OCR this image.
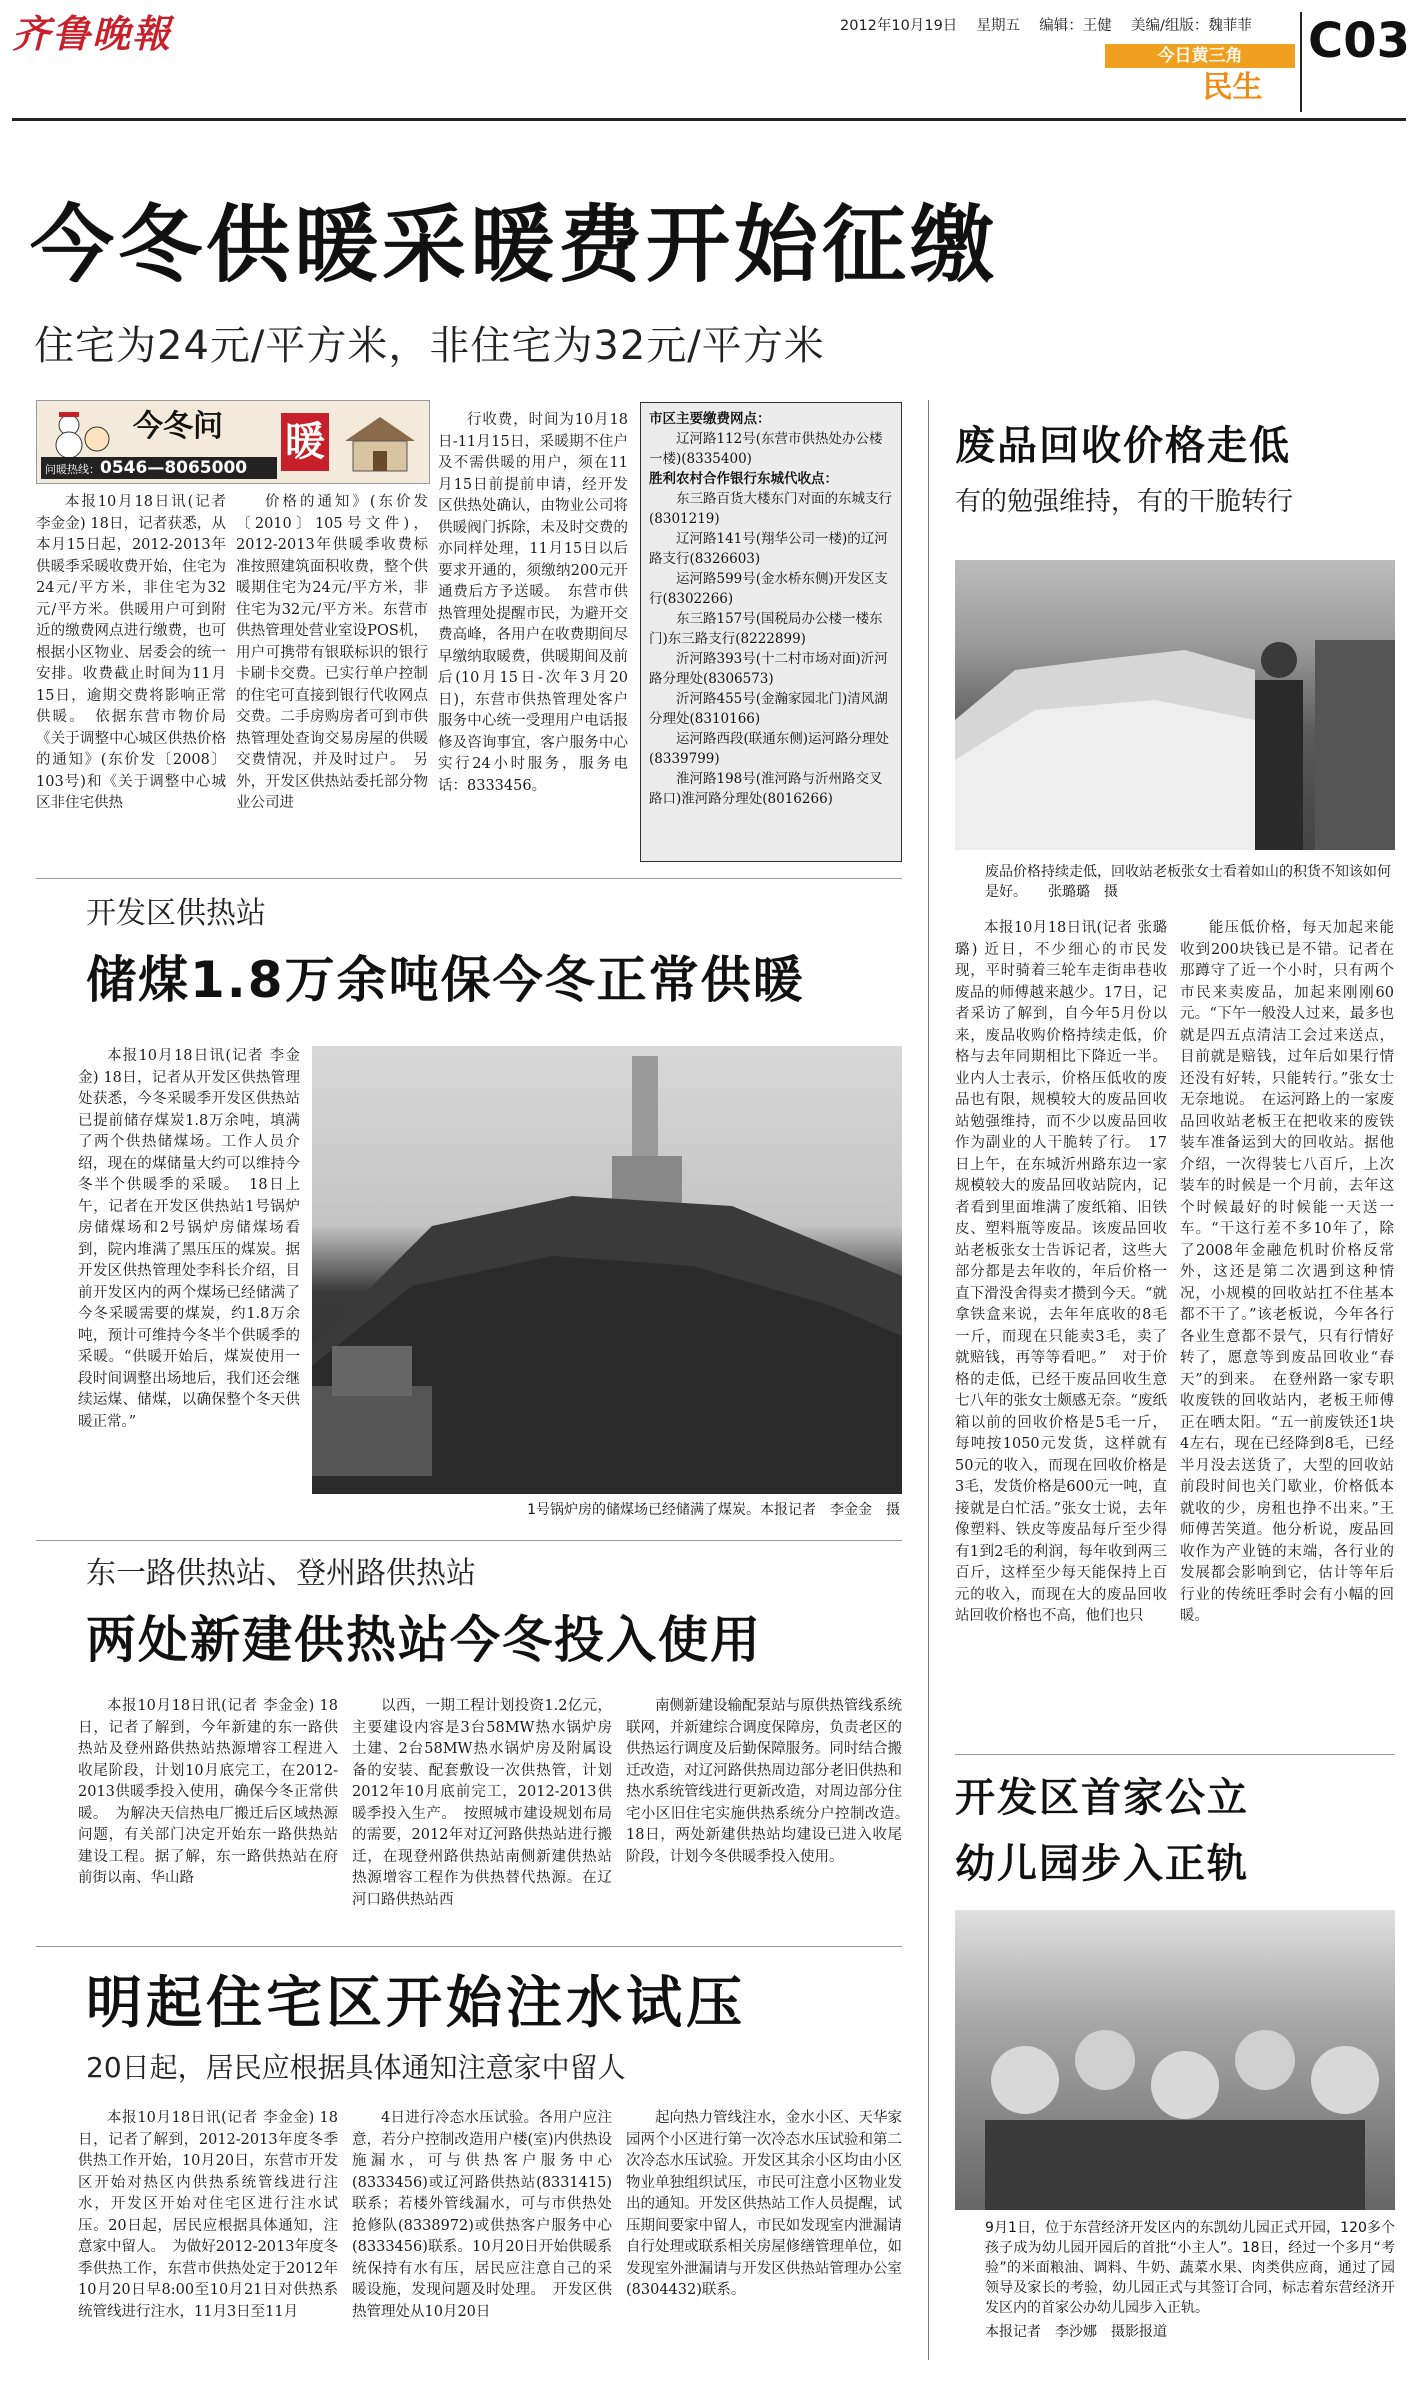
齐鲁晚報	2012年10月19日 星期五 编辑：王健 美编/组版：魏菲菲
今日黄三角
民生
C03
今冬供暖采暖费开始征缴
住宅为24元/平方米，非住宅为32元/平方米
今冬问	暖
问暖热线：0546—8065000

本报10月18日讯(记者 李金金) 18日，记者获悉，从本月15日起，2012-2013年供暖季采暖收费开始，住宅为24元/平方米，非住宅为32元/平方米。供暖用户可到附近的缴费网点进行缴费，也可根据小区物业、居委会的统一安排。收费截止时间为11月15日，逾期交费将影响正常供暖。　依据东营市物价局《关于调整中心城区供热价格的通知》(东价发〔2008〕103号)和《关于调整中心城区非住宅供热

价格的通知》(东价发〔2010〕105号文件)，2012-2013年供暖季收费标准按照建筑面积收费，整个供暖期住宅为24元/平方米，非住宅为32元/平方米。东营市供热管理处营业室设POS机，用户可携带有银联标识的银行卡刷卡交费。已实行单户控制的住宅可直接到银行代收网点交费。二手房购房者可到市供热管理处查询交易房屋的供暖交费情况，并及时过户。　另外，开发区供热站委托部分物业公司进

行收费，时间为10月18日-11月15日，采暖期不住户及不需供暖的用户，须在11月15日前提前申请，经开发区供热处确认，由物业公司将供暖阀门拆除，未及时交费的亦同样处理，11月15日以后要求开通的，须缴纳200元开通费后方予送暖。　东营市供热管理处提醒市民，为避开交费高峰，各用户在收费期间尽早缴纳取暖费，供暖期间及前后(10月15日-次年3月20日)，东营市供热管理处客户服务中心统一受理用户电话报修及咨询事宜，客户服务中心实行24小时服务，服务电话：8333456。

市区主要缴费网点：
辽河路112号(东营市供热处办公楼一楼)(8335400)
胜利农村合作银行东城代收点：
东三路百货大楼东门对面的东城支行(8301219)
辽河路141号(翔华公司一楼)的辽河路支行(8326603)
运河路599号(金水桥东侧)开发区支行(8302266)
东三路157号(国税局办公楼一楼东门)东三路支行(8222899)
沂河路393号(十二村市场对面)沂河路分理处(8306573)
沂河路455号(金瀚家园北门)清风湖分理处(8310166)
运河路西段(联通东侧)运河路分理处(8339799)
淮河路198号(淮河路与沂州路交叉路口)淮河路分理处(8016266)
开发区供热站
储煤1.8万余吨保今冬正常供暖

本报10月18日讯(记者 李金金) 18日，记者从开发区供热管理处获悉，今冬采暖季开发区供热站已提前储存煤炭1.8万余吨，填满了两个供热储煤场。工作人员介绍，现在的煤储量大约可以维持今冬半个供暖季的采暖。　18日上午，记者在开发区供热站1号锅炉房储煤场和2号锅炉房储煤场看到，院内堆满了黑压压的煤炭。据开发区供热管理处李科长介绍，目前开发区内的两个煤场已经储满了今冬采暖需要的煤炭，约1.8万余吨，预计可维持今冬半个供暖季的采暖。“供暖开始后，煤炭使用一段时间调整出场地后，我们还会继续运煤、储煤，以确保整个冬天供暖正常。”

1号锅炉房的储煤场已经储满了煤炭。本报记者　李金金　摄
东一路供热站、登州路供热站
两处新建供热站今冬投入使用

本报10月18日讯(记者 李金金) 18日，记者了解到，今年新建的东一路供热站及登州路供热站热源增容工程进入收尾阶段，计划10月底完工，在2012-2013供暖季投入使用，确保今冬正常供暖。　为解决天信热电厂搬迁后区域热源问题，有关部门决定开始东一路供热站建设工程。据了解，东一路供热站在府前街以南、华山路

以西，一期工程计划投资1.2亿元，主要建设内容是3台58MW热水锅炉房土建、2台58MW热水锅炉房及附属设备的安装、配套敷设一次供热管，计划2012年10月底前完工，2012-2013供暖季投入生产。　按照城市建设规划布局的需要，2012年对辽河路供热站进行搬迁，在现登州路供热站南侧新建供热站热源增容工程作为供热替代热源。在辽河口路供热站西

南侧新建设输配泵站与原供热管线系统联网，并新建综合调度保障房，负责老区的供热运行调度及后勤保障服务。同时结合搬迁改造，对辽河路供热周边部分老旧供热和热水系统管线进行更新改造，对周边部分住宅小区旧住宅实施供热系统分户控制改造。　18日，两处新建供热站均建设已进入收尾阶段，计划今冬供暖季投入使用。

明起住宅区开始注水试压
20日起，居民应根据具体通知注意家中留人

本报10月18日讯(记者 李金金) 18日，记者了解到，2012-2013年度冬季供热工作开始，10月20日，东营市开发区开始对热区内供热系统管线进行注水，开发区开始对住宅区进行注水试压。20日起，居民应根据具体通知，注意家中留人。　为做好2012-2013年度冬季供热工作，东营市供热处定于2012年10月20日早8:00至10月21日对供热系统管线进行注水，11月3日至11月

4日进行冷态水压试验。各用户应注意，若分户控制改造用户楼(室)内供热设施漏水，可与供热客户服务中心(8333456)或辽河路供热站(8331415)联系；若楼外管线漏水，可与市供热处抢修队(8338972)或供热客户服务中心(8333456)联系。10月20日开始供暖系统保持有水有压，居民应注意自己的采暖设施，发现问题及时处理。　开发区供热管理处从10月20日

起向热力管线注水，金水小区、天华家园两个小区进行第一次冷态水压试验和第二次冷态水压试验。开发区其余小区均由小区物业单独组织试压，市民可注意小区物业发出的通知。开发区供热站工作人员提醒，试压期间要家中留人，市民如发现室内泄漏请自行处理或联系相关房屋修缮管理单位，如发现室外泄漏请与开发区供热站管理办公室(8304432)联系。

废品回收价格走低
有的勉强维持，有的干脆转行
废品价格持续走低，回收站老板张女士看着如山的积货不知该如何是好。　　张璐璐　摄

本报10月18日讯(记者 张璐璐) 近日，不少细心的市民发现，平时骑着三轮车走街串巷收废品的师傅越来越少。17日，记者采访了解到，自今年5月份以来，废品收购价格持续走低，价格与去年同期相比下降近一半。业内人士表示，价格压低收的废品也有限，规模较大的废品回收站勉强维持，而不少以废品回收作为副业的人干脆转了行。　17日上午，在东城沂州路东边一家规模较大的废品回收站院内，记者看到里面堆满了废纸箱、旧铁皮、塑料瓶等废品。该废品回收站老板张女士告诉记者，这些大部分都是去年收的，年后价格一直下滑没舍得卖才攒到今天。“就拿铁盒来说，去年年底收的8毛一斤，而现在只能卖3毛，卖了就赔钱，再等等看吧。”　对于价格的走低，已经干废品回收生意七八年的张女士颇感无奈。“废纸箱以前的回收价格是5毛一斤，每吨按1050元发货，这样就有50元的收入，而现在回收价格是3毛，发货价格是600元一吨，直接就是白忙活。”张女士说，去年像塑料、铁皮等废品每斤至少得有1到2毛的利润，每年收到两三百斤，这样至少每天能保持上百元的收入，而现在大的废品回收站回收价格也不高，他们也只

能压低价格，每天加起来能收到200块钱已是不错。记者在那蹲守了近一个小时，只有两个市民来卖废品，加起来刚刚60元。“下午一般没人过来，最多也就是四五点清洁工会过来送点，目前就是赔钱，过年后如果行情还没有好转，只能转行。”张女士无奈地说。　在运河路上的一家废品回收站老板王在把收来的废铁装车准备运到大的回收站。据他介绍，一次得装七八百斤，上次装车的时候是一个月前，去年这个时候最好的时候能一天送一车。“干这行差不多10年了，除了2008年金融危机时价格反常外，这还是第二次遇到这种情况，小规模的回收站扛不住基本都不干了。”该老板说，今年各行各业生意都不景气，只有行情好转了，愿意等到废品回收业“春天”的到来。　在登州路一家专职收废铁的回收站内，老板王师傅正在晒太阳。“五一前废铁还1块4左右，现在已经降到8毛，已经半月没去送货了，大型的回收站前段时间也关门歇业，价格低本就收的少，房租也挣不出来。”王师傅苦笑道。他分析说，废品回收作为产业链的末端，各行业的发展都会影响到它，估计等年后行业的传统旺季时会有小幅的回暖。

开发区首家公立
幼儿园步入正轨
9月1日，位于东营经济开发区内的东凯幼儿园正式开园，120多个孩子成为幼儿园开园后的首批“小主人”。18日，经过一个多月“考验”的米面粮油、调料、牛奶、蔬菜水果、肉类供应商，通过了园领导及家长的考验，幼儿园正式与其签订合同，标志着东营经济开发区内的首家公办幼儿园步入正轨。
本报记者　李沙娜　摄影报道
